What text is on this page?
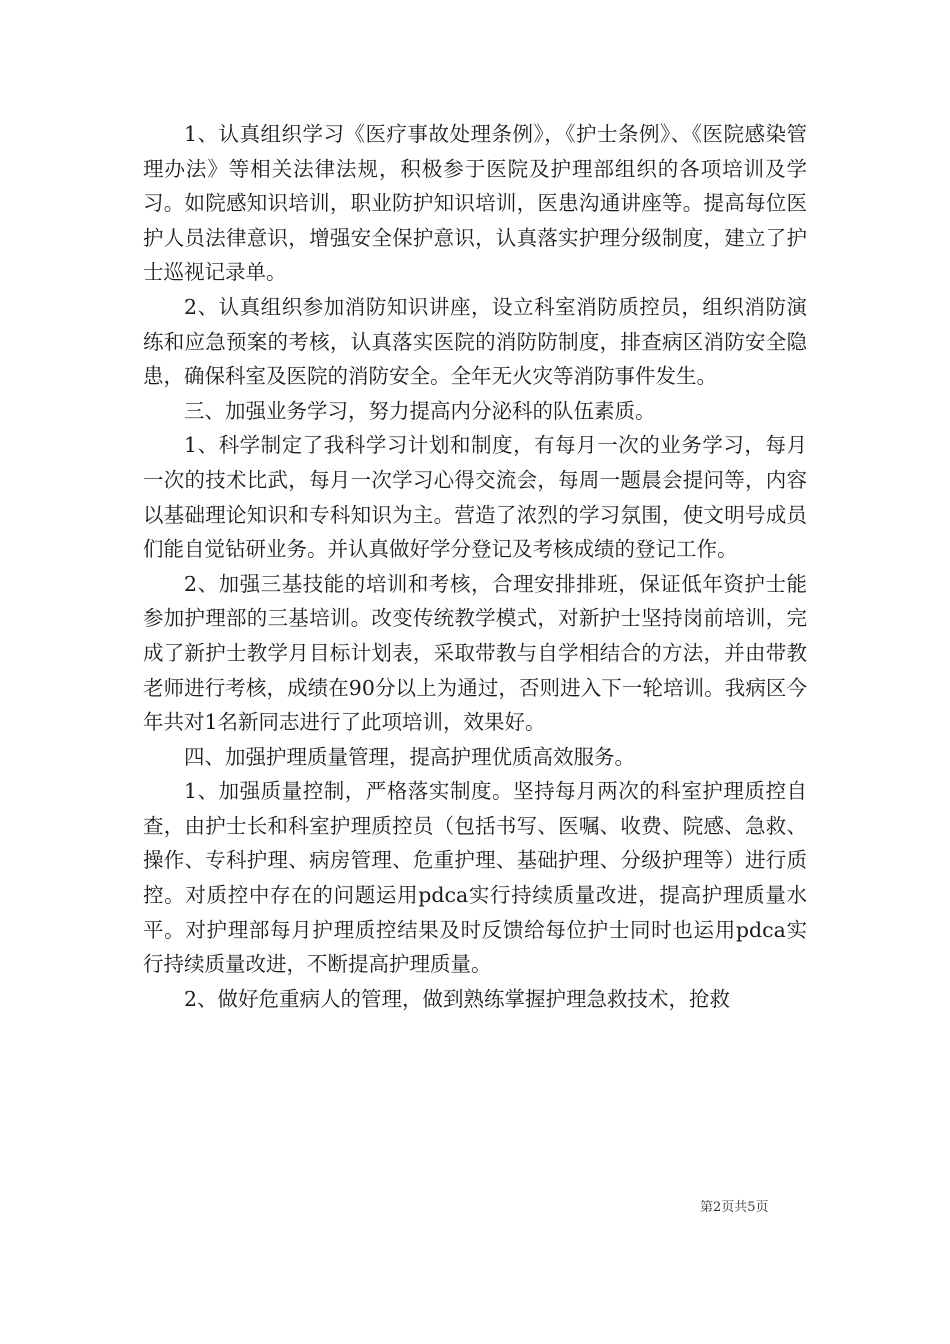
1、认真组织学习《医疗事故处理条例》，《护士条例》、《医院感染管理办法》等相关法律法规，积极参于医院及护理部组织的各项培训及学习。如院感知识培训，职业防护知识培训，医患沟通讲座等。提高每位医护人员法律意识，增强安全保护意识，认真落实护理分级制度，建立了护士巡视记录单。

2、认真组织参加消防知识讲座，设立科室消防质控员，组织消防演练和应急预案的考核，认真落实医院的消防防制度，排查病区消防安全隐患，确保科室及医院的消防安全。全年无火灾等消防事件发生。

三、加强业务学习，努力提高内分泌科的队伍素质。

1、科学制定了我科学习计划和制度，有每月一次的业务学习，每月一次的技术比武，每月一次学习心得交流会，每周一题晨会提问等，内容以基础理论知识和专科知识为主。营造了浓烈的学习氛围，使文明号成员们能自觉钻研业务。并认真做好学分登记及考核成绩的登记工作。

2、加强三基技能的培训和考核，合理安排排班，保证低年资护士能参加护理部的三基培训。改变传统教学模式，对新护士坚持岗前培训，完成了新护士教学月目标计划表，采取带教与自学相结合的方法，并由带教老师进行考核，成绩在90分以上为通过，否则进入下一轮培训。我病区今年共对1名新同志进行了此项培训，效果好。

四、加强护理质量管理，提高护理优质高效服务。

1、加强质量控制，严格落实制度。坚持每月两次的科室护理质控自查，由护士长和科室护理质控员（包括书写、医嘱、收费、院感、急救、操作、专科护理、病房管理、危重护理、基础护理、分级护理等）进行质控。对质控中存在的问题运用pdca实行持续质量改进，提高护理质量水平。对护理部每月护理质控结果及时反馈给每位护士同时也运用pdca实行持续质量改进，不断提高护理质量。

2、做好危重病人的管理，做到熟练掌握护理急救技术，抢救

第2页共5页
